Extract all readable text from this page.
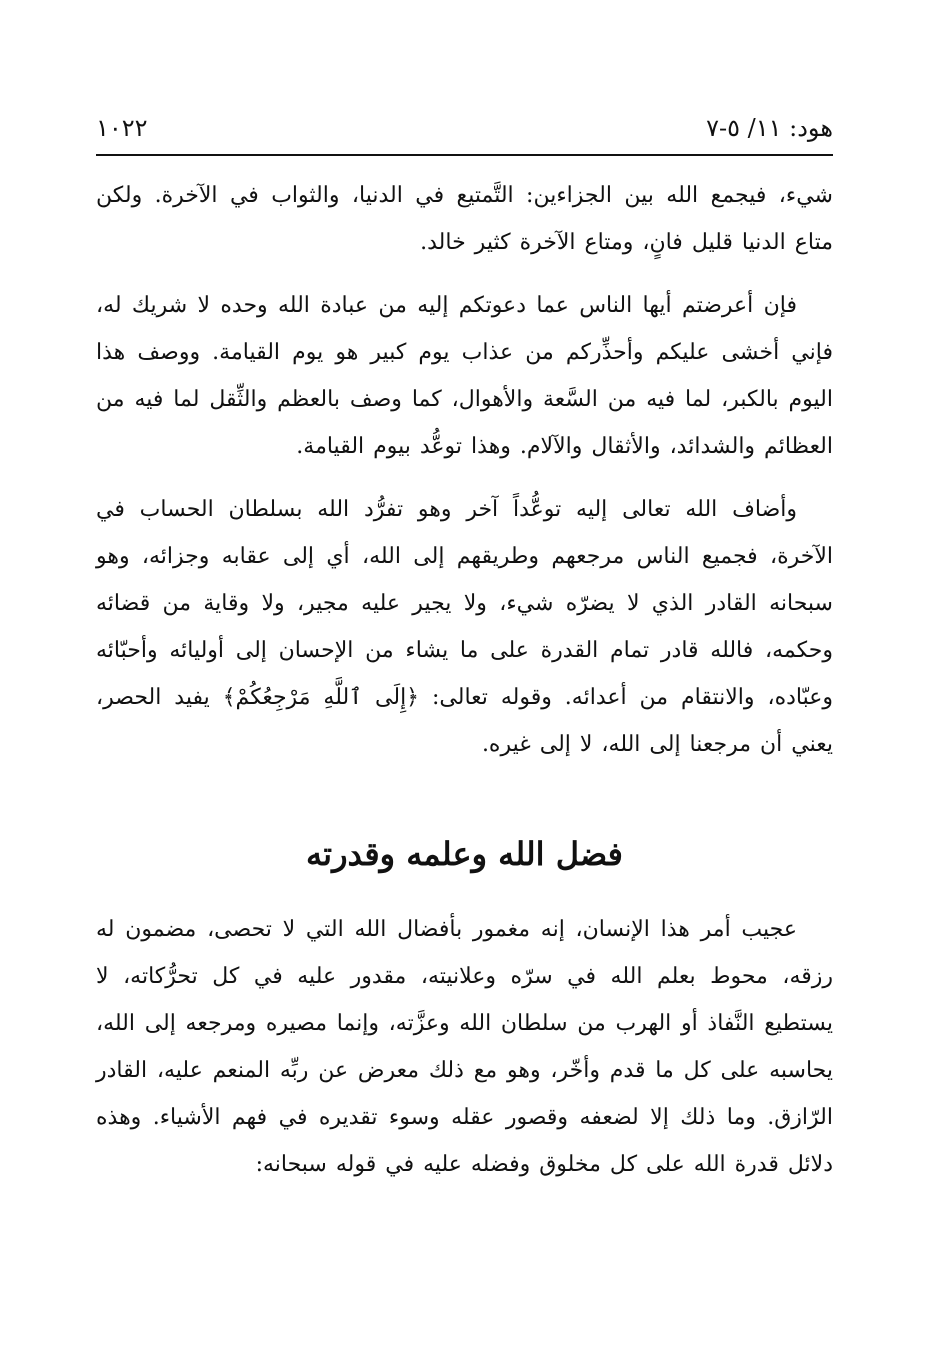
هود: ١١/ ٥-٧
١٠٢٢

شيء، فيجمع الله بين الجزاءين: التَّمتيع في الدنيا، والثواب في الآخرة. ولكن متاع الدنيا قليل فانٍ، ومتاع الآخرة كثير خالد.

فإن أعرضتم أيها الناس عما دعوتكم إليه من عبادة الله وحده لا شريك له، فإني أخشى عليكم وأحذِّركم من عذاب يوم كبير هو يوم القيامة. ووصف هذا اليوم بالكبر، لما فيه من السَّعة والأهوال، كما وصف بالعظم والثِّقل لما فيه من العظائم والشدائد، والأثقال والآلام. وهذا توعُّد بيوم القيامة.

وأضاف الله تعالى إليه توعُّداً آخر وهو تفرُّد الله بسلطان الحساب في الآخرة، فجميع الناس مرجعهم وطريقهم إلى الله، أي إلى عقابه وجزائه، وهو سبحانه القادر الذي لا يضرّه شيء، ولا يجير عليه مجير، ولا وقاية من قضائه وحكمه، فالله قادر تمام القدرة على ما يشاء من الإحسان إلى أوليائه وأحبّائه وعبّاده، والانتقام من أعدائه. وقوله تعالى: ﴿إِلَى ٱللَّهِ مَرْجِعُكُمْ﴾ يفيد الحصر، يعني أن مرجعنا إلى الله، لا إلى غيره.

فضل الله وعلمه وقدرته

عجيب أمر هذا الإنسان، إنه مغمور بأفضال الله التي لا تحصى، مضمون له رزقه، محوط بعلم الله في سرّه وعلانيته، مقدور عليه في كل تحرُّكاته، لا يستطيع النَّفاذ أو الهرب من سلطان الله وعزَّته، وإنما مصيره ومرجعه إلى الله، يحاسبه على كل ما قدم وأخّر، وهو مع ذلك معرض عن ربِّه المنعم عليه، القادر الرّازق. وما ذلك إلا لضعفه وقصور عقله وسوء تقديره في فهم الأشياء. وهذه دلائل قدرة الله على كل مخلوق وفضله عليه في قوله سبحانه:
